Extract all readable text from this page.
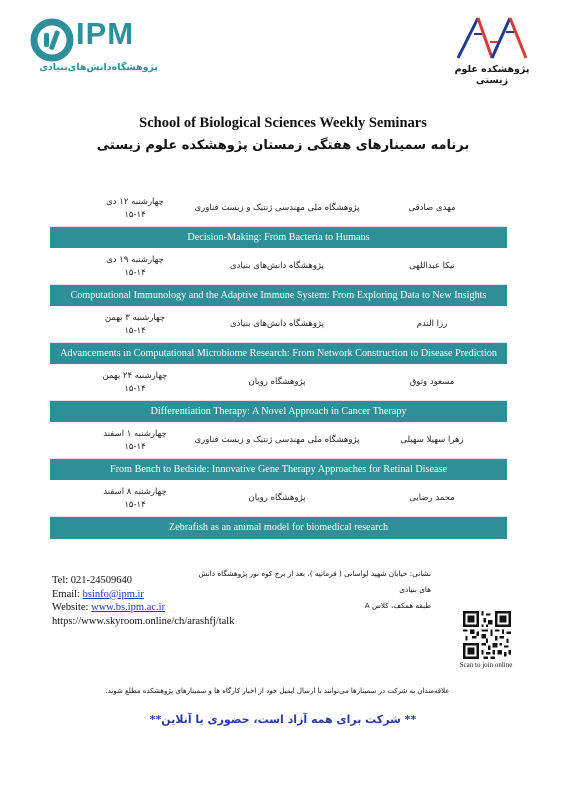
IPM
پژوهشگاه‌دانش‌های‌بنیادی	پژوهشکده علوم زیستی
School of Biological Sciences Weekly Seminars
برنامه سمینارهای هفتگی زمستان پژوهشکده علوم زیستی
مهدی صادقی
پژوهشگاه ملی مهندسی ژنتیک و زیست فناوری
چهارشنبه ۱۲ دی
۱۵-۱۴
Decision-Making: From Bacteria to Humans
نیکا عبداللهی
پژوهشگاه دانش‌های بنیادی
چهارشنبه ۱۹ دی
۱۵-۱۴
Computational Immunology and the Adaptive Immune System: From Exploring Data to New Insights
رزا الندم
پژوهشگاه دانش‌های بنیادی
چهارشنبه ۳ بهمن
۱۵-۱۴
Advancements in Computational Microbiome Research: From Network Construction to Disease Prediction
مسعود وثوق
پژوهشگاه رویان
چهارشنبه ۲۴ بهمن
۱۵-۱۴
Differentiation Therapy: A Novel Approach in Cancer Therapy
زهرا سهیلا سهیلی
پژوهشگاه ملی مهندسی ژنتیک و زیست فناوری
چهارشنبه ۱ اسفند
۱۵-۱۴
From Bench to Bedside: Innovative Gene Therapy Approaches for Retinal Disease
محمد رضایی
پژوهشگاه رویان
چهارشنبه ۸ اسفند
۱۵-۱۴
Zebrafish as an animal model for biomedical research
Tel: 021-24509640
Email: bsinfo@ipm.ir
Website: www.bs.ipm.ac.ir
https://www.skyroom.online/ch/arashfj/talk
نشانی: خیابان شهید لواسانی ( فرمانیه )، بعد از برج کوه نور پژوهشگاه دانش های بنیادی
طبقه همکف، کلاس A
Scan to join online
علاقه‌مندان به شرکت در سمینارها می‌توانند با ارسال ایمیل خود از اخبار کارگاه ها و سمینارهای پژوهشکده مطلع شوند.
** شرکت برای همه آزاد است، حضوری یا آنلاین**
